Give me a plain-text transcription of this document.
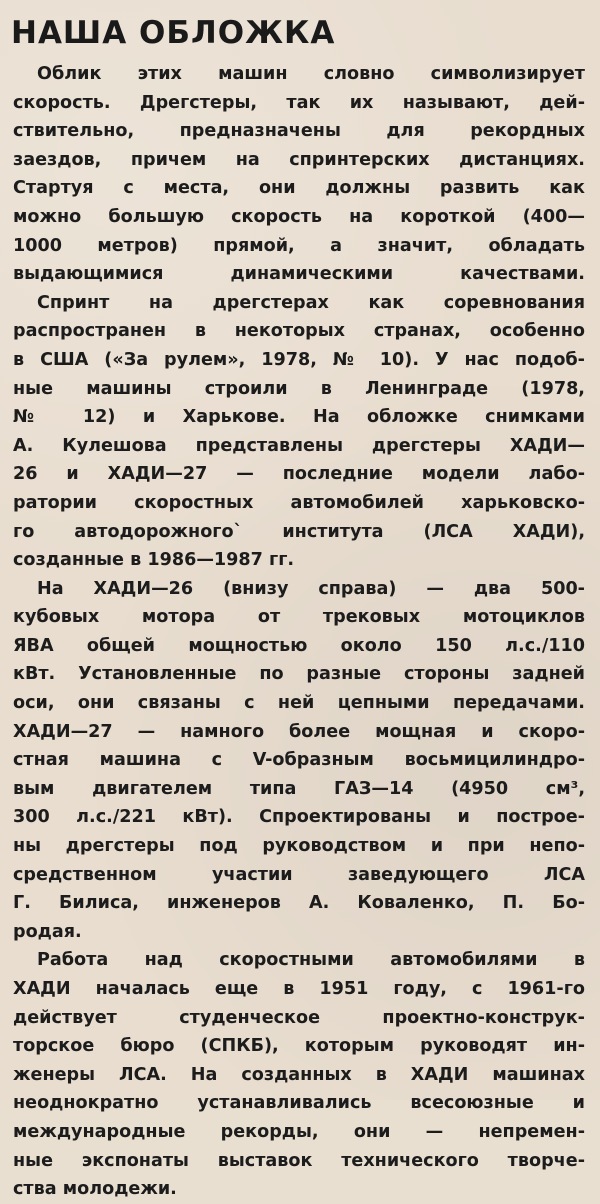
НАША ОБЛОЖКА
Облик этих машин словно символизирует
скорость. Дрегстеры, так их называют, дей-
ствительно, предназначены для рекордных
заездов, причем на спринтерских дистанциях.
Стартуя с места, они должны развить как
можно большую скорость на короткой (400—
1000 метров) прямой, а значит, обладать
выдающимися динамическими качествами.
Спринт на дрегстерах как соревнования
распространен в некоторых странах, особенно
в США («За рулем», 1978, № 10). У нас подоб-
ные машины строили в Ленинграде (1978,
№ 12) и Харькове. На обложке снимками
А. Кулешова представлены дрегстеры ХАДИ—
26 и ХАДИ—27 — последние модели лабо-
ратории скоростных автомобилей харьковско-
го автодорожного` института (ЛСА ХАДИ),
созданные в 1986—1987 гг.
На ХАДИ—26 (внизу справа) — два 500-
кубовых мотора от трековых мотоциклов
ЯВА общей мощностью около 150 л.с./110
кВт. Установленные по разные стороны задней
оси, они связаны с ней цепными передачами.
ХАДИ—27 — намного более мощная и скоро-
стная машина с V-образным восьмицилиндро-
вым двигателем типа ГАЗ—14 (4950 см³,
300 л.с./221 кВт). Спроектированы и построе-
ны дрегстеры под руководством и при непо-
средственном участии заведующего ЛСА
Г. Билиса, инженеров А. Коваленко, П. Бо-
родая.
Работа над скоростными автомобилями в
ХАДИ началась еще в 1951 году, с 1961-го
действует студенческое проектно-конструк-
торское бюро (СПКБ), которым руководят ин-
женеры ЛСА. На созданных в ХАДИ машинах
неоднократно устанавливались всесоюзные и
международные рекорды, они — непремен-
ные экспонаты выставок технического творче-
ства молодежи.
